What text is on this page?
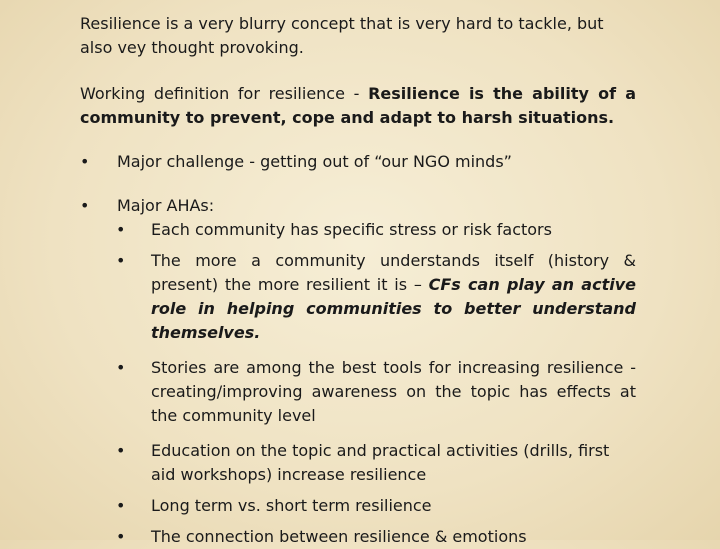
Resilience is a very blurry concept that is very hard to tackle, but also vey thought provoking.

Working definition for resilience - Resilience is the ability of a community to prevent, cope and adapt to harsh situations.

•	Major challenge - getting out of “our NGO minds”
•	Major AHAs:
•	Each community has specific stress or risk factors
•	The more a community understands itself (history & present) the more resilient it is – CFs can play an active role in helping communities to better understand themselves.
•	Stories are among the best tools for increasing resilience - creating/improving awareness on the topic has effects at the community level
•	Education on the topic and practical activities (drills, first aid workshops) increase resilience
•	Long term vs. short term resilience
•	The connection between resilience & emotions
